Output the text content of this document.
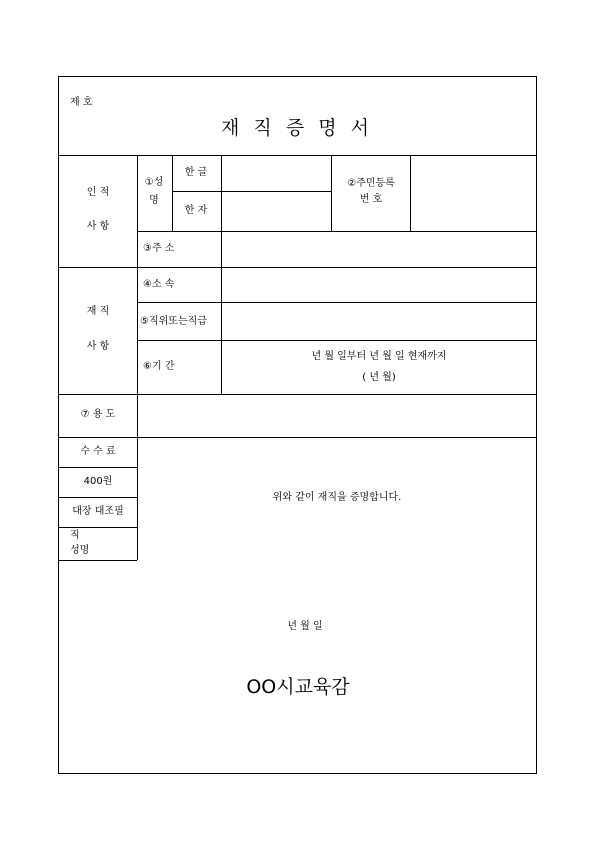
제 호
재 직 증 명 서
인 적
사 항
①성
명
한 글
한 자
②주민등록
번 호
③주 소
재 직
사 항
④소 속
⑤직위또는직급
⑥기 간
년 월 일부터 년 월 일 현재까지
( 년 월)
⑦ 용 도
수 수 료
400원
대장 대조필
직
성명
위와 같이 재직을 증명합니다.
년 월 일
OO시교육감
